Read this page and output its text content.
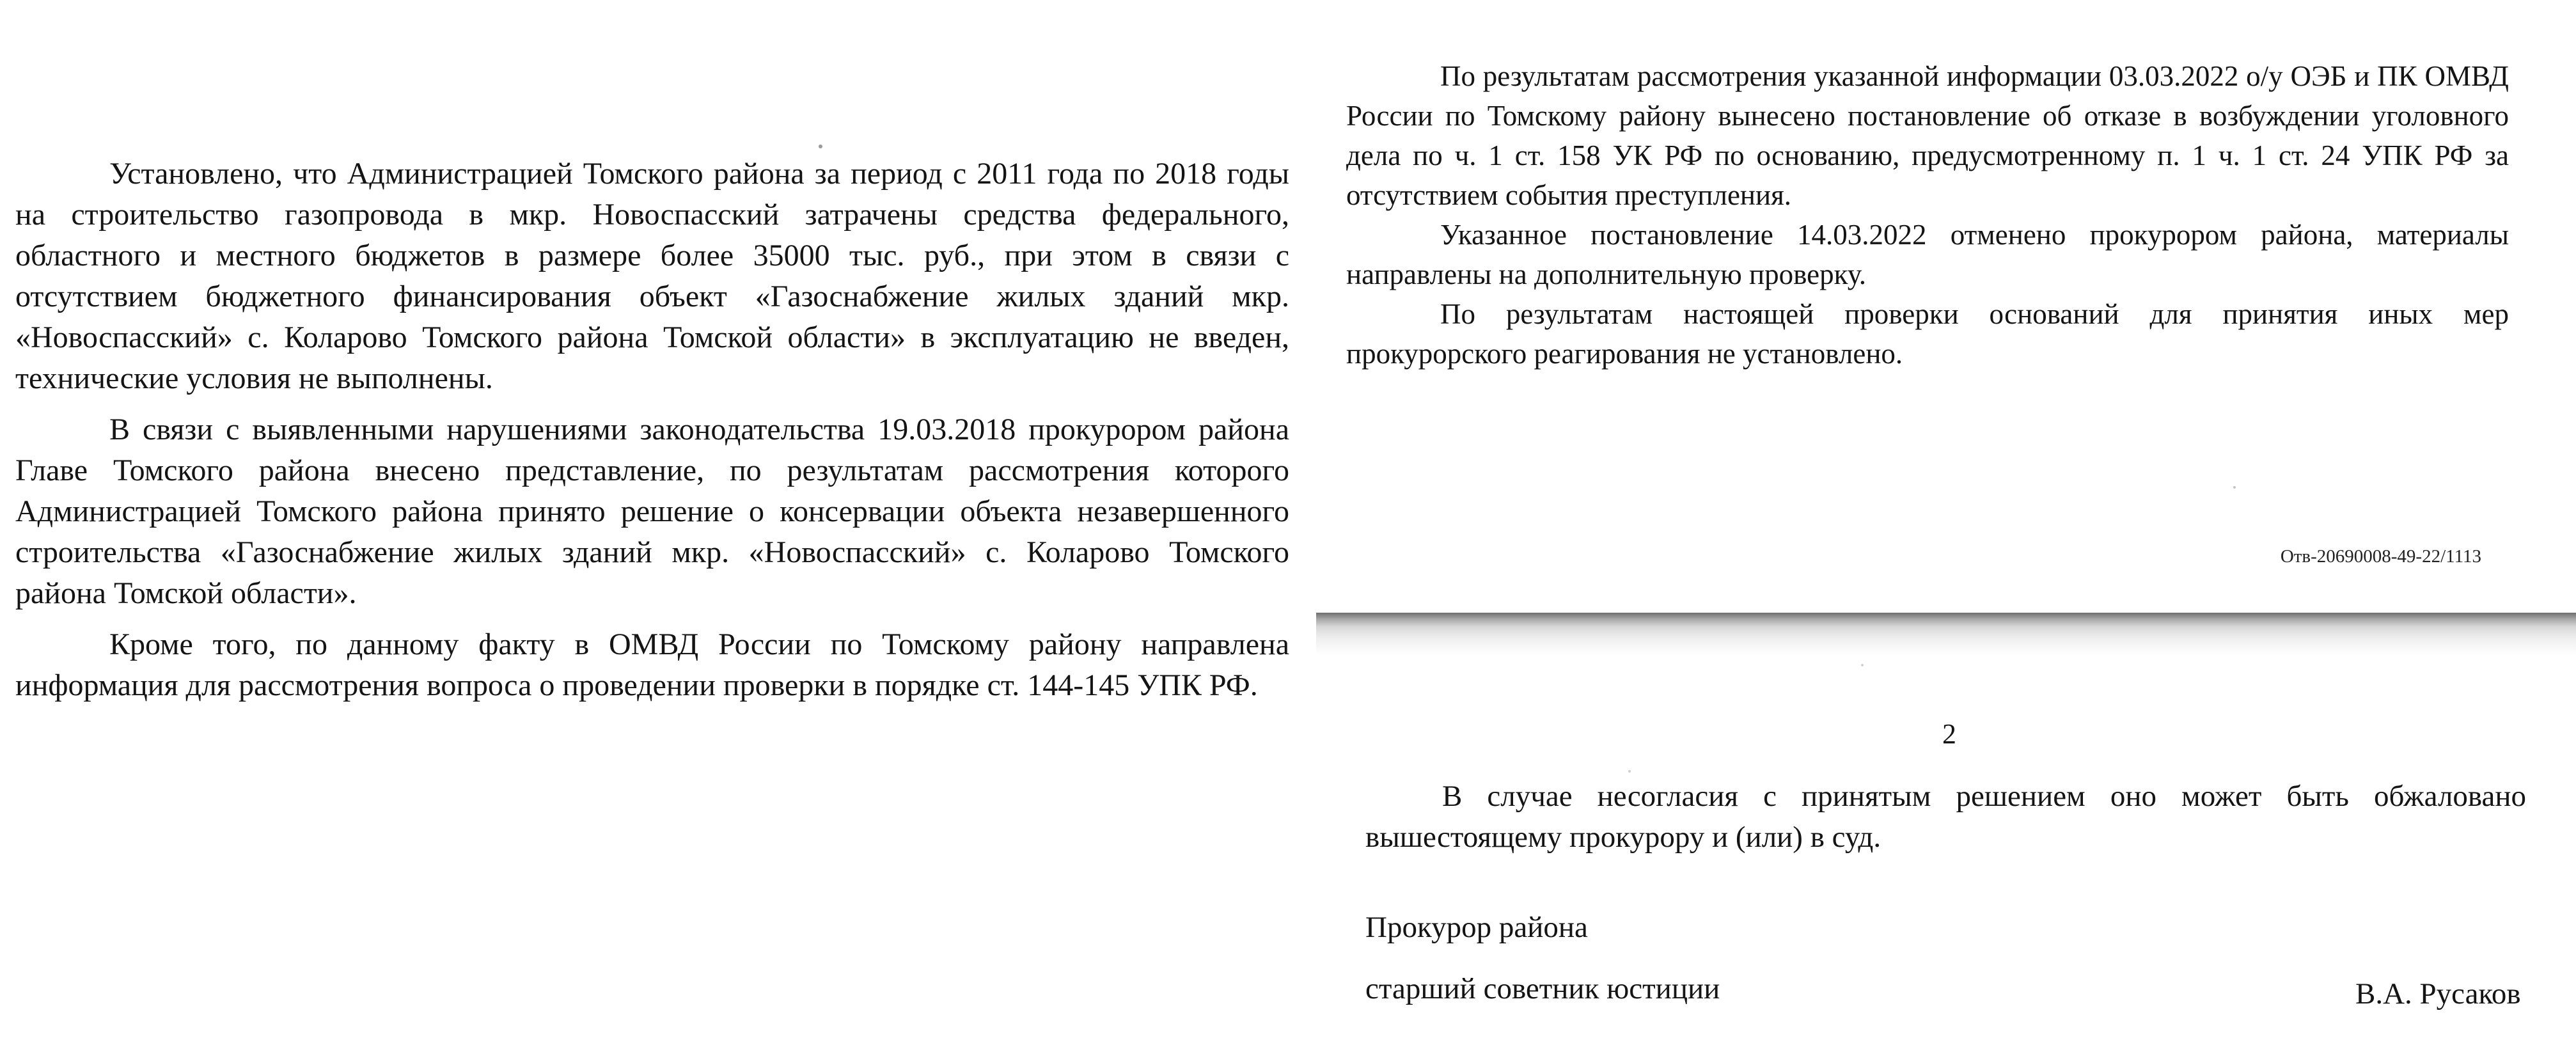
Установлено, что Администрацией Томского района за период с 2011 года по 2018 годы на строительство газопровода в мкр. Новоспасский затрачены средства федерального, областного и местного бюджетов в размере более 35000 тыс. руб., при этом в связи с отсутствием бюджетного финансирования объект «Газоснабжение жилых зданий мкр. «Новоспасский» с. Коларово Томского района Томской области» в эксплуатацию не введен, технические условия не выполнены.

В связи с выявленными нарушениями законодательства 19.03.2018 прокурором района Главе Томского района внесено представление, по результатам рассмотрения которого Администрацией Томского района принято решение о консервации объекта незавершенного строительства «Газоснабжение жилых зданий мкр. «Новоспасский» с. Коларово Томского района Томской области».

Кроме того, по данному факту в ОМВД России по Томскому району направлена информация для рассмотрения вопроса о проведении проверки в порядке ст. 144-145 УПК РФ.

По результатам рассмотрения указанной информации 03.03.2022 о/у ОЭБ и ПК ОМВД России по Томскому району вынесено постановление об отказе в возбуждении уголовного дела по ч. 1 ст. 158 УК РФ по основанию, предусмотренному п. 1 ч. 1 ст. 24 УПК РФ за отсутствием события преступления.

Указанное постановление 14.03.2022 отменено прокурором района, материалы направлены на дополнительную проверку.

По результатам настоящей проверки оснований для принятия иных мер прокурорского реагирования не установлено.

Отв-20690008-49-22/1113
2

В случае несогласия с принятым решением оно может быть обжаловано вышестоящему прокурору и (или) в суд.

Прокурор района
старший советник юстиции	В.А. Русаков
